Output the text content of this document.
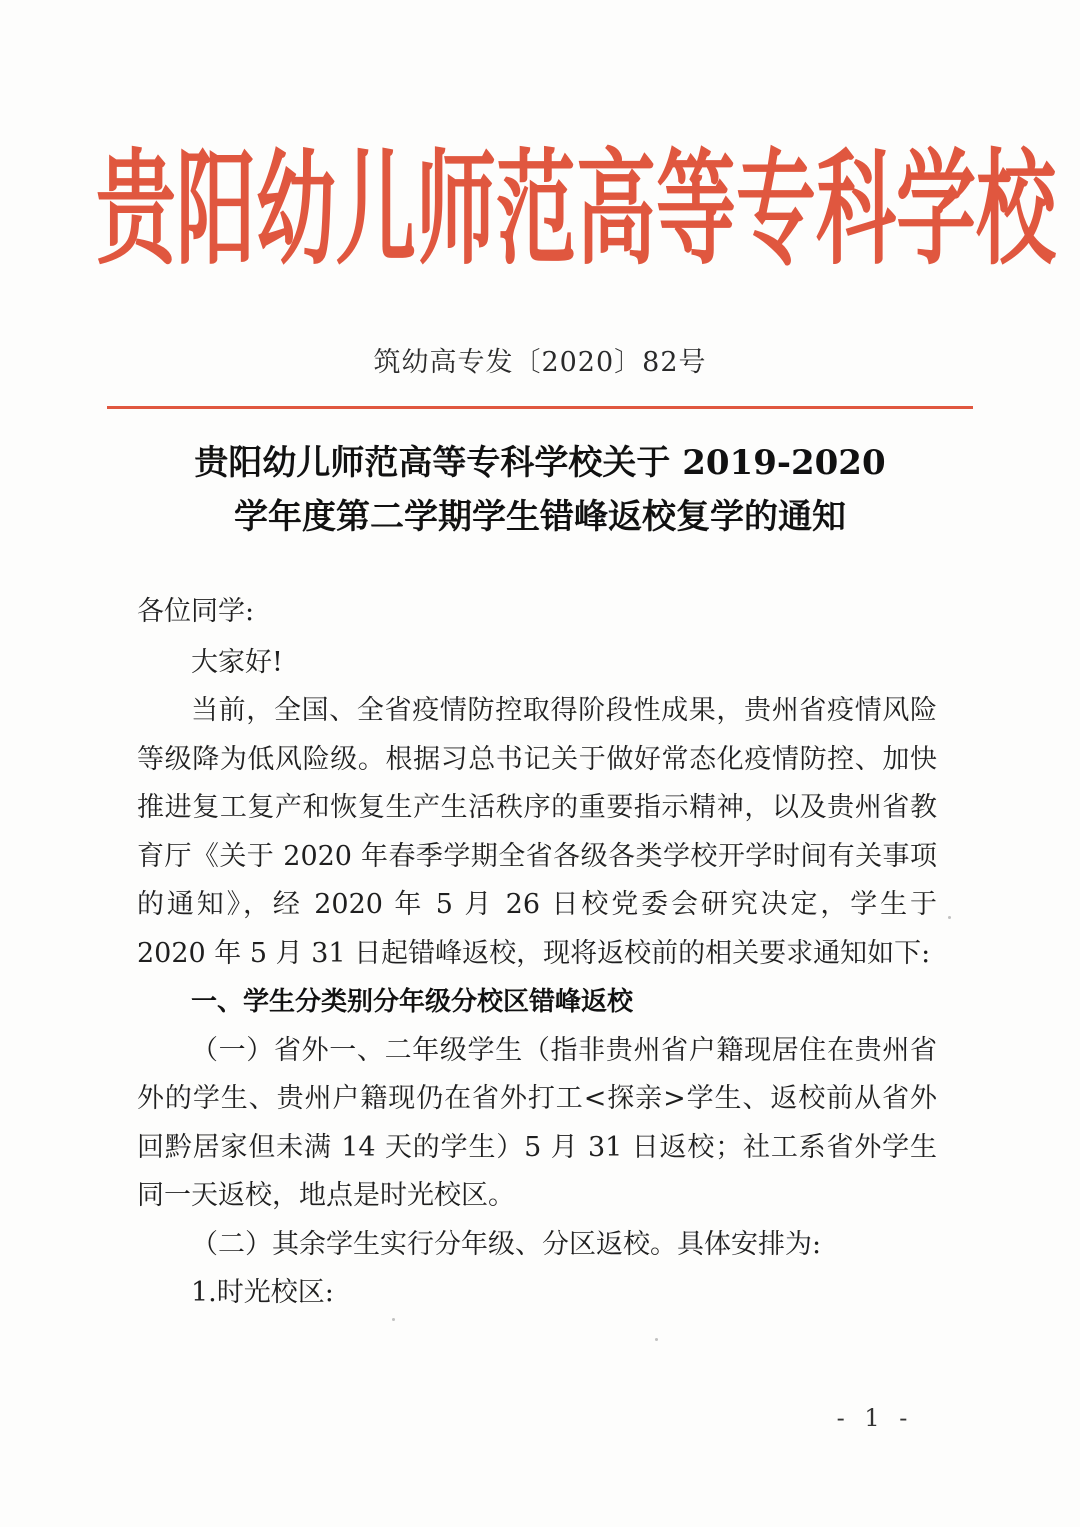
贵阳幼儿师范高等专科学校
筑幼高专发〔2020〕82号
贵阳幼儿师范高等专科学校关于 2019-2020
学年度第二学期学生错峰返校复学的通知

各位同学:

大家好!

当前，全国、全省疫情防控取得阶段性成果，贵州省疫情风险等级降为低风险级。根据习总书记关于做好常态化疫情防控、加快推进复工复产和恢复生产生活秩序的重要指示精神，以及贵州省教育厅《关于 2020 年春季学期全省各级各类学校开学时间有关事项的通知》，经 2020 年 5 月 26 日校党委会研究决定，学生于 2020 年 5 月 31 日起错峰返校，现将返校前的相关要求通知如下:

一、学生分类别分年级分校区错峰返校

（一）省外一、二年级学生（指非贵州省户籍现居住在贵州省外的学生、贵州户籍现仍在省外打工<探亲>学生、返校前从省外回黔居家但未满 14 天的学生）5 月 31 日返校；社工系省外学生同一天返校，地点是时光校区。

（二）其余学生实行分年级、分区返校。具体安排为:

1.时光校区:

- 1 -
